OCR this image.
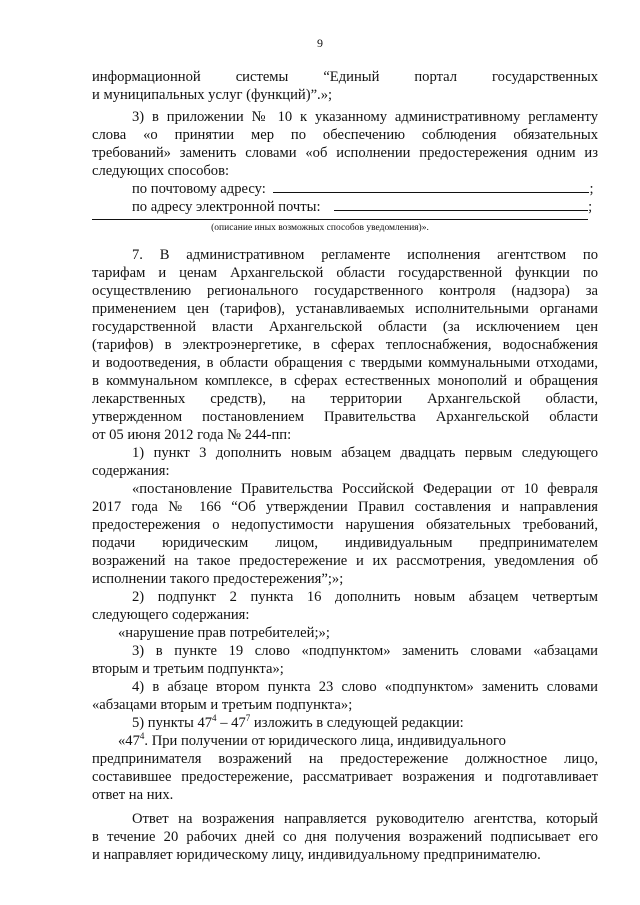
9
информационной системы “Единый портал государственных
и муниципальных услуг (функций)”.»;
3) в приложении № 10 к указанному административному регламенту
слова «о принятии мер по обеспечению соблюдения обязательных
требований» заменить словами «об исполнении предостережения одним из
следующих способов:
по почтовому адресу:	;
по адресу электронной почты:	;
(описание иных возможных способов уведомления)».
7. В административном регламенте исполнения агентством по
тарифам и ценам Архангельской области государственной функции по
осуществлению регионального государственного контроля (надзора) за
применением цен (тарифов), устанавливаемых исполнительными органами
государственной власти Архангельской области (за исключением цен
(тарифов) в электроэнергетике, в сферах теплоснабжения, водоснабжения
и водоотведения, в области обращения с твердыми коммунальными отходами,
в коммунальном комплексе, в сферах естественных монополий и обращения
лекарственных средств), на территории Архангельской области,
утвержденном постановлением Правительства Архангельской области
от 05 июня 2012 года № 244-пп:
1) пункт 3 дополнить новым абзацем двадцать первым следующего
содержания:
«постановление Правительства Российской Федерации от 10 февраля
2017 года № 166 “Об утверждении Правил составления и направления
предостережения о недопустимости нарушения обязательных требований,
подачи юридическим лицом, индивидуальным предпринимателем
возражений на такое предостережение и их рассмотрения, уведомления об
исполнении такого предостережения”;»;
2) подпункт 2 пункта 16 дополнить новым абзацем четвертым
следующего содержания:
«нарушение прав потребителей;»;
3) в пункте 19 слово «подпунктом» заменить словами «абзацами
вторым и третьим подпункта»;
4) в абзаце втором пункта 23 слово «подпунктом» заменить словами
«абзацами вторым и третьим подпункта»;
5) пункты $47^4 - 47^7$ изложить в следующей редакции:
«$47^4$. При получении от юридического лица, индивидуального
предпринимателя возражений на предостережение должностное лицо,
составившее предостережение, рассматривает возражения и подготавливает
ответ на них.
Ответ на возражения направляется руководителю агентства, который
в течение 20 рабочих дней со дня получения возражений подписывает его
и направляет юридическому лицу, индивидуальному предпринимателю.
